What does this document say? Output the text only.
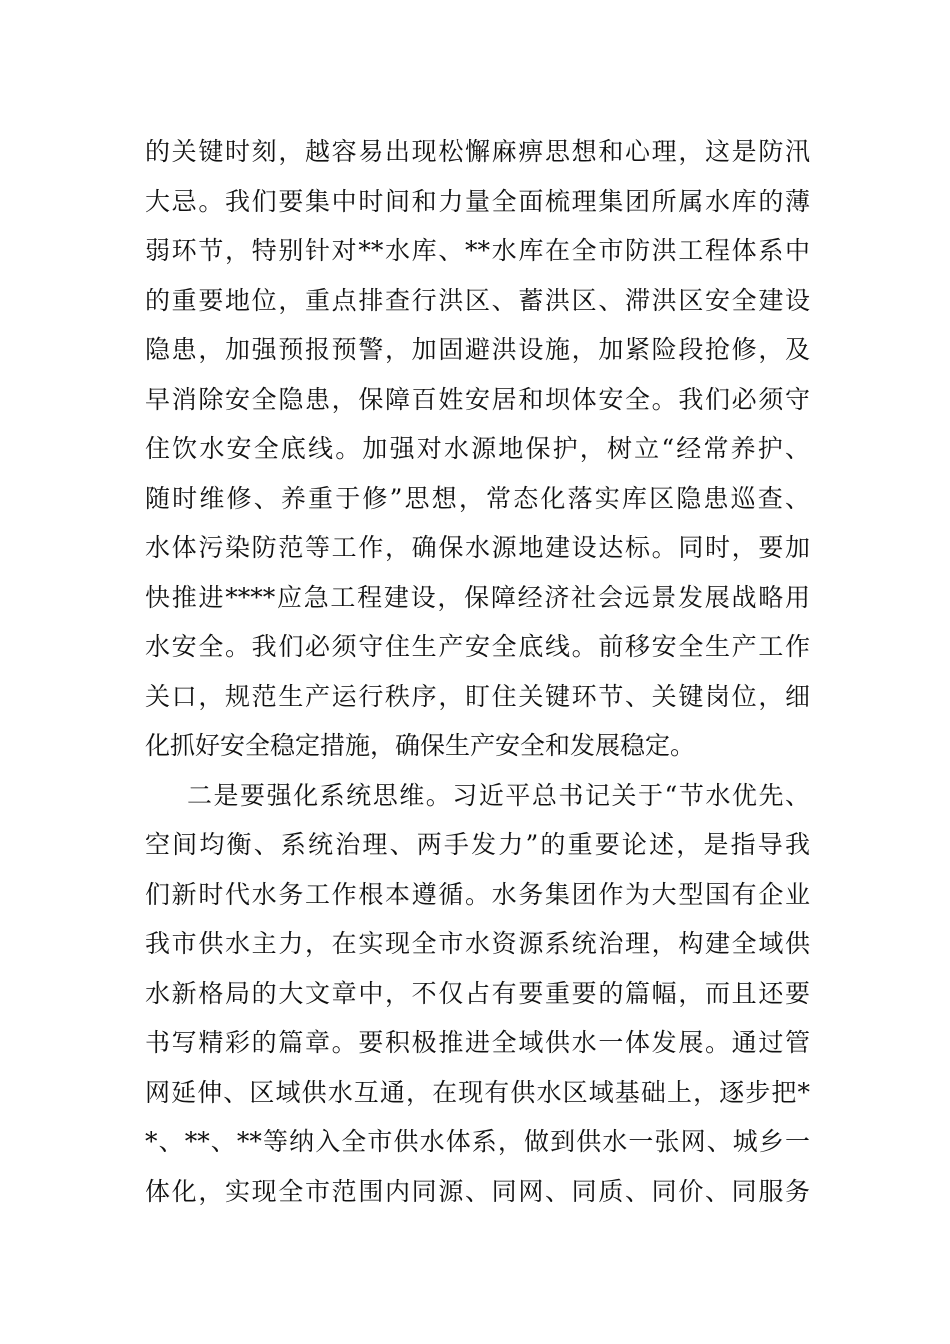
的关键时刻，越容易出现松懈麻痹思想和心理，这是防汛
大忌。我们要集中时间和力量全面梳理集团所属水库的薄
弱环节，特别针对**水库、**水库在全市防洪工程体系中
的重要地位，重点排查行洪区、蓄洪区、滞洪区安全建设
隐患，加强预报预警，加固避洪设施，加紧险段抢修，及
早消除安全隐患，保障百姓安居和坝体安全。我们必须守
住饮水安全底线。加强对水源地保护，树立“经常养护、
随时维修、养重于修”思想，常态化落实库区隐患巡查、
水体污染防范等工作，确保水源地建设达标。同时，要加
快推进****应急工程建设，保障经济社会远景发展战略用
水安全。我们必须守住生产安全底线。前移安全生产工作
关口，规范生产运行秩序，盯住关键环节、关键岗位，细
化抓好安全稳定措施，确保生产安全和发展稳定。
二是要强化系统思维。习近平总书记关于“节水优先、
空间均衡、系统治理、两手发力”的重要论述，是指导我
们新时代水务工作根本遵循。水务集团作为大型国有企业
我市供水主力，在实现全市水资源系统治理，构建全域供
水新格局的大文章中，不仅占有要重要的篇幅，而且还要
书写精彩的篇章。要积极推进全域供水一体发展。通过管
网延伸、区域供水互通，在现有供水区域基础上，逐步把*
*、**、**等纳入全市供水体系，做到供水一张网、城乡一
体化，实现全市范围内同源、同网、同质、同价、同服务
